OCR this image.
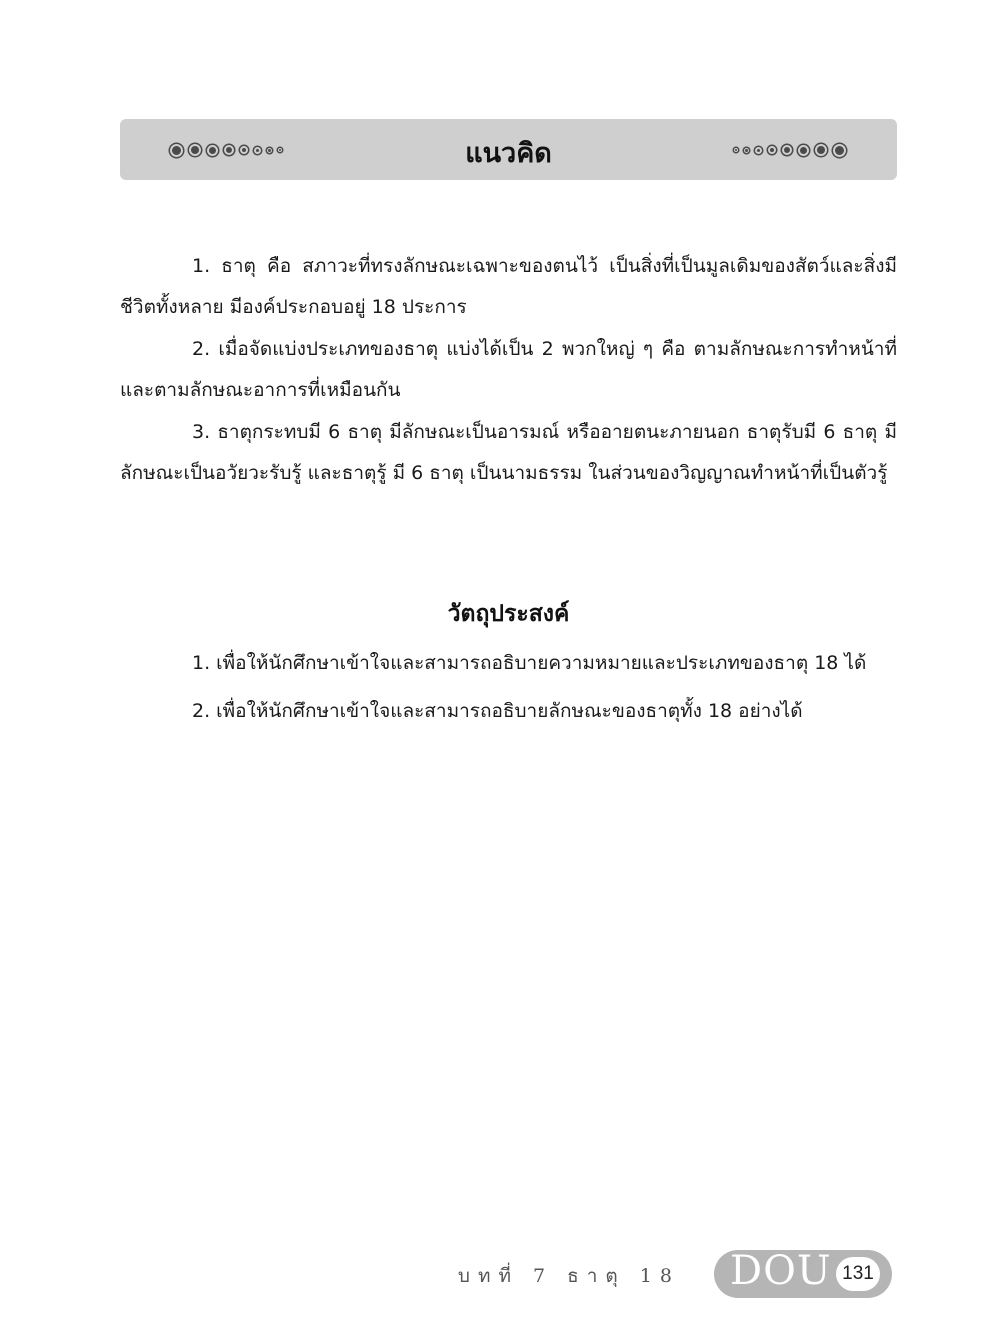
แนวคิด

1. ธาตุ คือ สภาวะที่ทรงลักษณะเฉพาะของตนไว้ เป็นสิ่งที่เป็นมูลเดิมของสัตว์และสิ่งมีชีวิตทั้งหลาย มีองค์ประกอบอยู่ 18 ประการ

2. เมื่อจัดแบ่งประเภทของธาตุ แบ่งได้เป็น 2 พวกใหญ่ ๆ คือ ตามลักษณะการทำหน้าที่และตามลักษณะอาการที่เหมือนกัน

3. ธาตุกระทบมี 6 ธาตุ มีลักษณะเป็นอารมณ์ หรืออายตนะภายนอก ธาตุรับมี 6 ธาตุ มีลักษณะเป็นอวัยวะรับรู้ และธาตุรู้ มี 6 ธาตุ เป็นนามธรรม ในส่วนของวิญญาณทำหน้าที่เป็นตัวรู้

วัตถุประสงค์

1. เพื่อให้นักศึกษาเข้าใจและสามารถอธิบายความหมายและประเภทของธาตุ 18 ได้

2. เพื่อให้นักศึกษาเข้าใจและสามารถอธิบายลักษณะของธาตุทั้ง 18 อย่างได้

บทที่ 7 ธาตุ 18 DOU 131
